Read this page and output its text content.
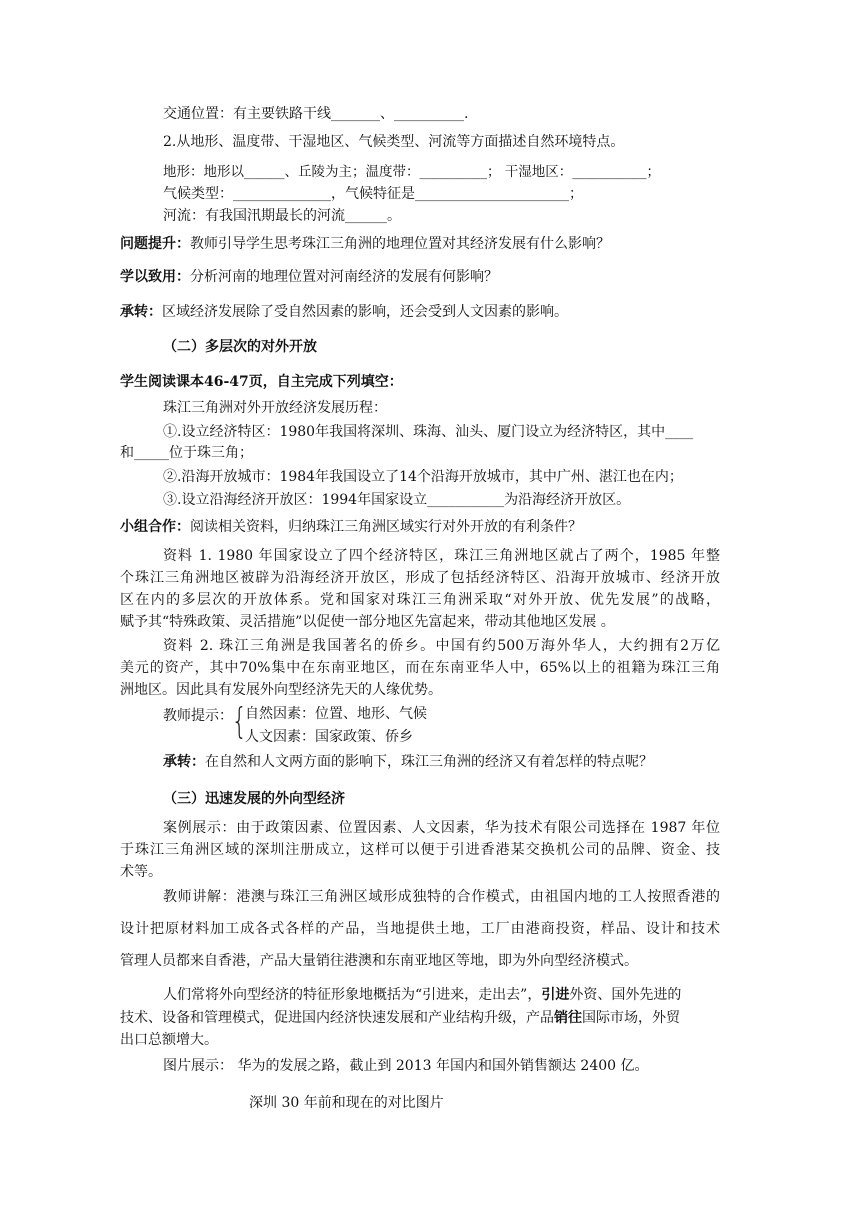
交通位置：有主要铁路干线_______、__________.
2.从地形、温度带、干湿地区、气候类型、河流等方面描述自然环境特点。
地形：地形以______、丘陵为主；温度带：__________； 干湿地区：___________；
气候类型：______________，气候特征是______________________；
河流：有我国汛期最长的河流______。
问题提升：教师引导学生思考珠江三角洲的地理位置对其经济发展有什么影响？
学以致用：分析河南的地理位置对河南经济的发展有何影响？
承转：区域经济发展除了受自然因素的影响，还会受到人文因素的影响。
（二）多层次的对外开放
学生阅读课本46-47页，自主完成下列填空：
珠江三角洲对外开放经济发展历程：
①.设立经济特区：1980年我国将深圳、珠海、汕头、厦门设立为经济特区，其中____
和_____位于珠三角；
②.沿海开放城市：1984年我国设立了14个沿海开放城市，其中广州、湛江也在内；
③.设立沿海经济开放区：1994年国家设立___________为沿海经济开放区。
小组合作：阅读相关资料，归纳珠江三角洲区域实行对外开放的有利条件？
资料 1. 1980 年国家设立了四个经济特区，珠江三角洲地区就占了两个，1985 年整
个珠江三角洲地区被辟为沿海经济开放区，形成了包括经济特区、沿海开放城市、经济开放
区在内的多层次的开放体系。党和国家对珠江三角洲采取“对外开放、优先发展”的战略，
赋予其“特殊政策、灵活措施”以促使一部分地区先富起来，带动其他地区发展 。
资料 2. 珠江三角洲是我国著名的侨乡。中国有约500万海外华人，大约拥有2万亿
美元的资产，其中70%集中在东南亚地区，而在东南亚华人中，65%以上的祖籍为珠江三角
洲地区。因此具有发展外向型经济先天的人缘优势。
教师提示：
{
自然因素：位置、地形、气候
人文因素：国家政策、侨乡
承转：在自然和人文两方面的影响下，珠江三角洲的经济又有着怎样的特点呢？
（三）迅速发展的外向型经济
案例展示：由于政策因素、位置因素、人文因素，华为技术有限公司选择在 1987 年位
于珠江三角洲区域的深圳注册成立，这样可以便于引进香港某交换机公司的品牌、资金、技
术等。
教师讲解：港澳与珠江三角洲区域形成独特的合作模式，由祖国内地的工人按照香港的
设计把原材料加工成各式各样的产品，当地提供土地，工厂由港商投资，样品、设计和技术
管理人员都来自香港，产品大量销往港澳和东南亚地区等地，即为外向型经济模式。
人们常将外向型经济的特征形象地概括为“引进来，走出去”，引进外资、国外先进的
技术、设备和管理模式，促进国内经济快速发展和产业结构升级，产品销往国际市场，外贸
出口总额增大。
图片展示： 华为的发展之路，截止到 2013 年国内和国外销售额达 2400 亿。
深圳 30 年前和现在的对比图片
